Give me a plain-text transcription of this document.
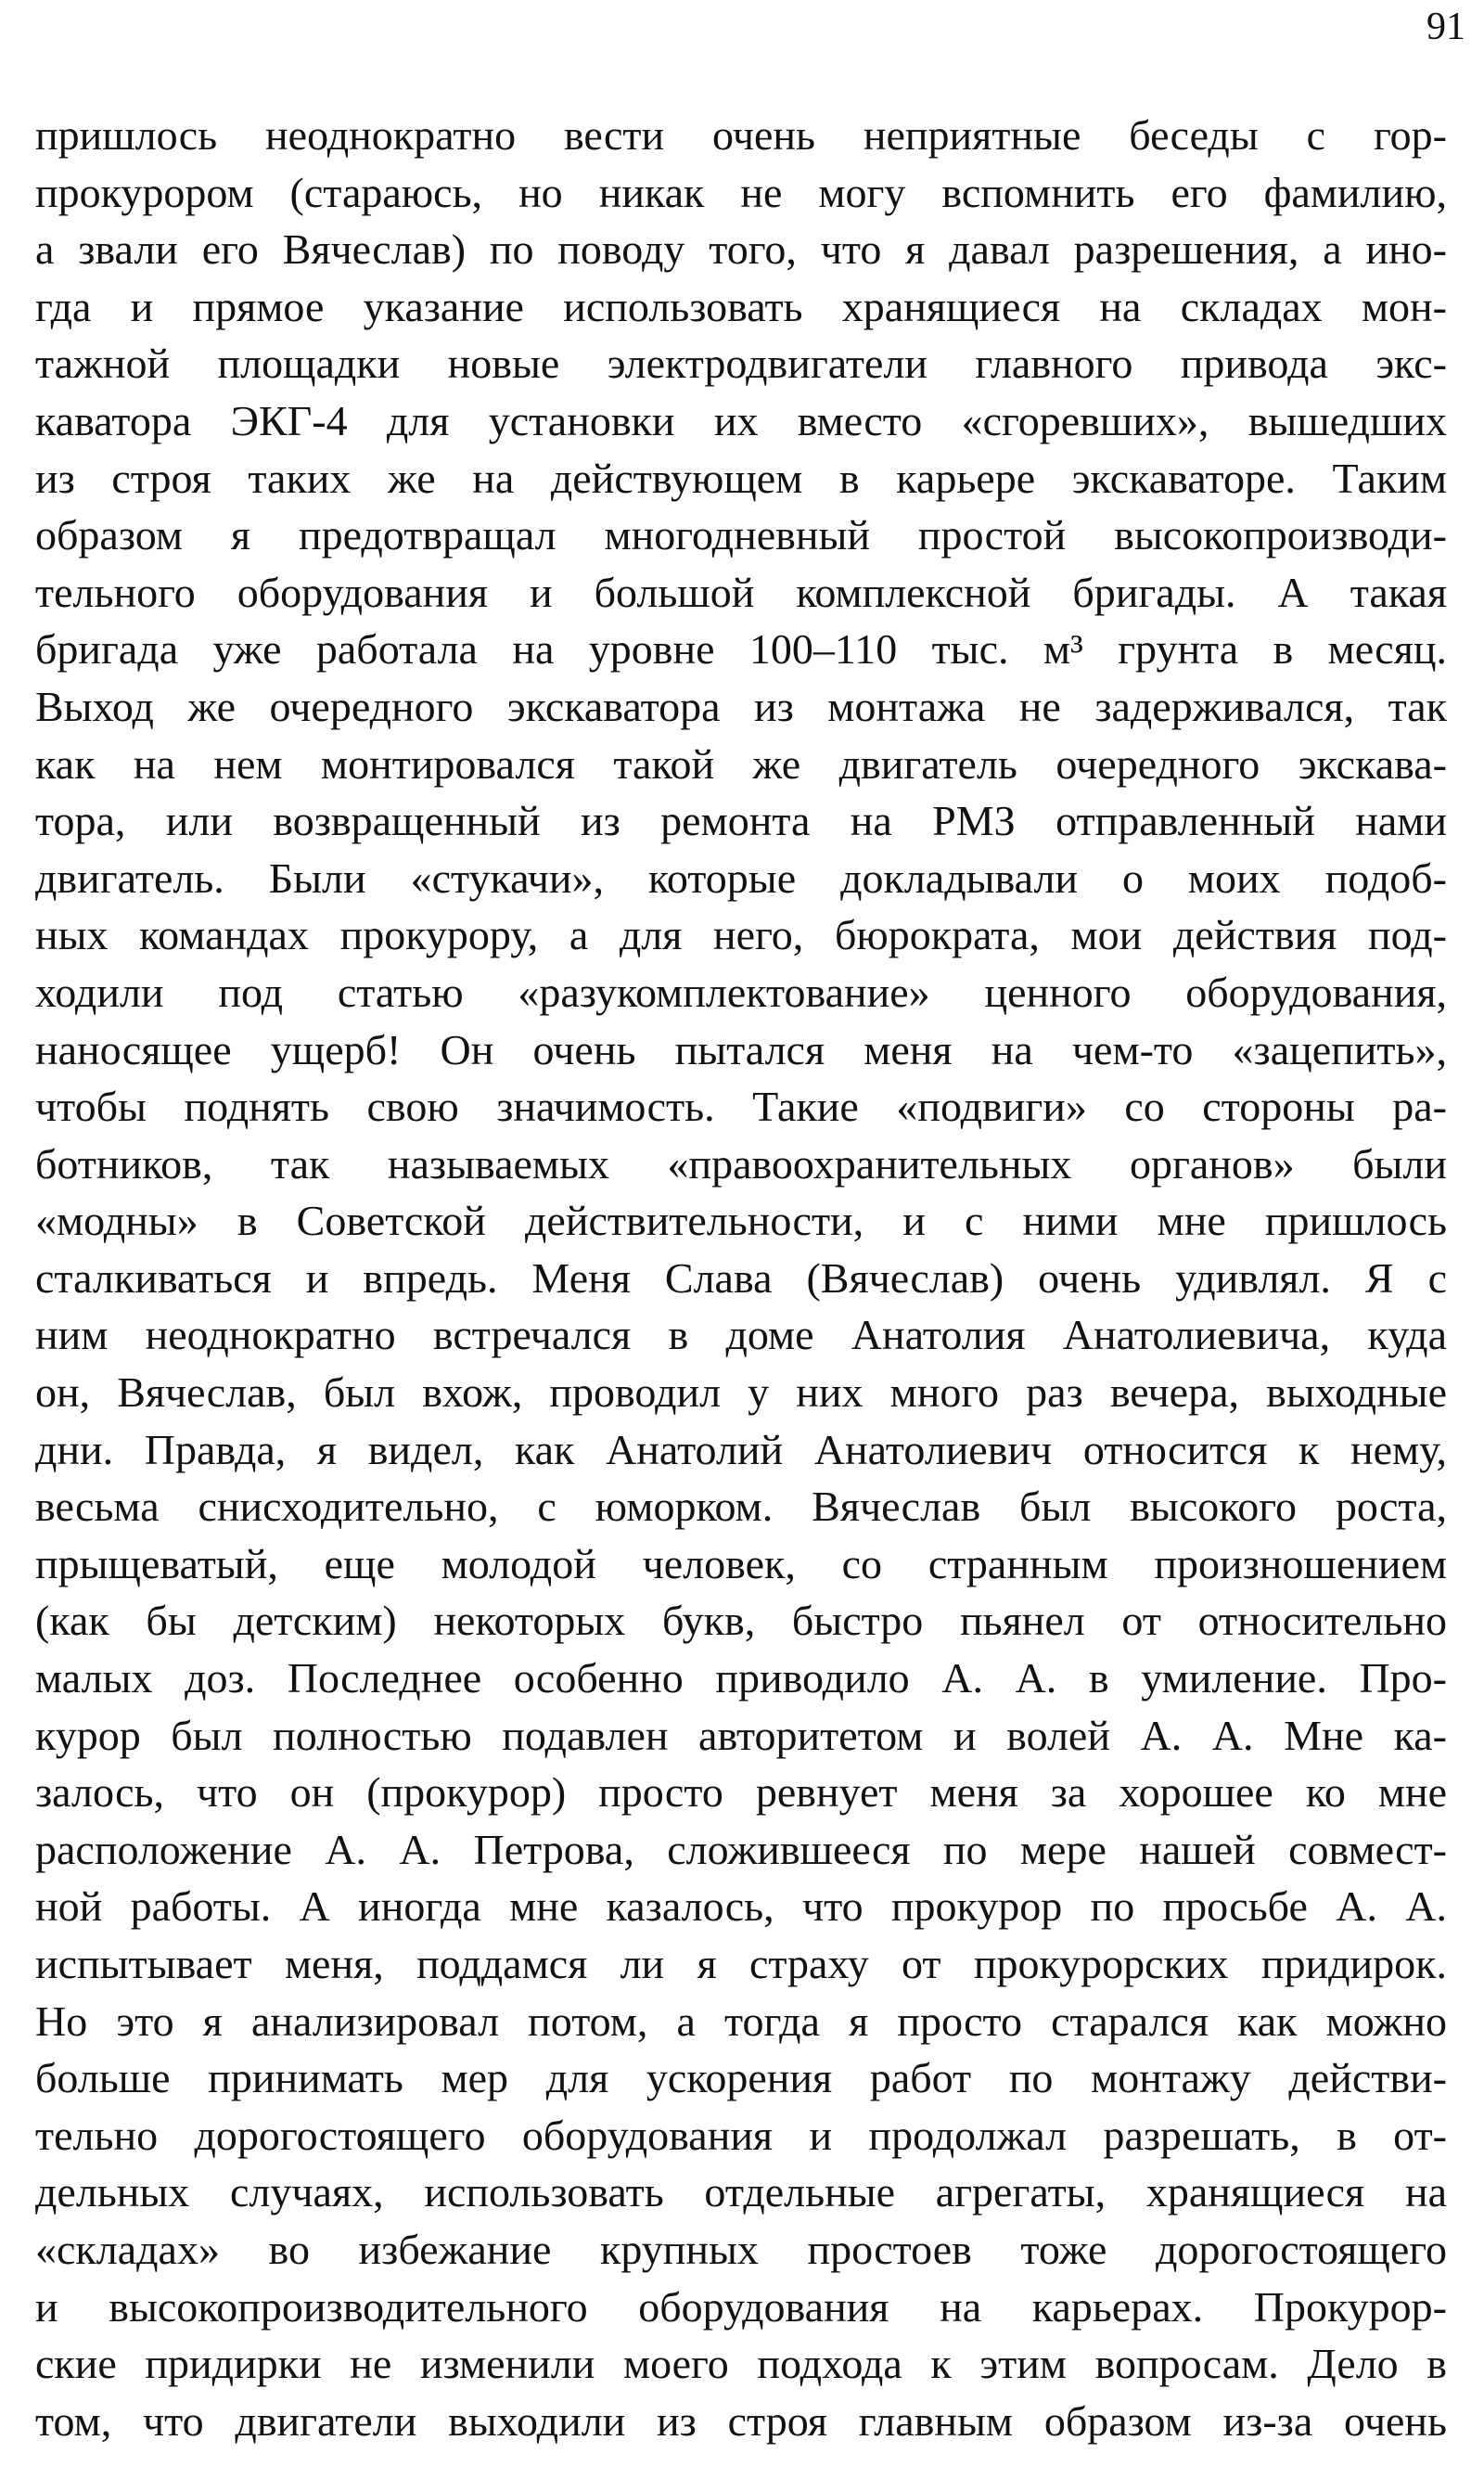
91
пришлось неоднократно вести очень неприятные беседы с гор-
прокурором (стараюсь, но никак не могу вспомнить его фамилию,
а звали его Вячеслав) по поводу того, что я давал разрешения, а ино-
гда и прямое указание использовать хранящиеся на складах мон-
тажной площадки новые электродвигатели главного привода экс-
каватора ЭКГ-4 для установки их вместо «сгоревших», вышедших
из строя таких же на действующем в карьере экскаваторе. Таким
образом я предотвращал многодневный простой высокопроизводи-
тельного оборудования и большой комплексной бригады. А такая
бригада уже работала на уровне 100–110 тыс. м³ грунта в месяц.
Выход же очередного экскаватора из монтажа не задерживался, так
как на нем монтировался такой же двигатель очередного экскава-
тора, или возвращенный из ремонта на РМЗ отправленный нами
двигатель. Были «стукачи», которые докладывали о моих подоб-
ных командах прокурору, а для него, бюрократа, мои действия под-
ходили под статью «разукомплектование» ценного оборудования,
наносящее ущерб! Он очень пытался меня на чем-то «зацепить»,
чтобы поднять свою значимость. Такие «подвиги» со стороны ра-
ботников, так называемых «правоохранительных органов» были
«модны» в Советской действительности, и с ними мне пришлось
сталкиваться и впредь. Меня Слава (Вячеслав) очень удивлял. Я с
ним неоднократно встречался в доме Анатолия Анатолиевича, куда
он, Вячеслав, был вхож, проводил у них много раз вечера, выходные
дни. Правда, я видел, как Анатолий Анатолиевич относится к нему,
весьма снисходительно, с юморком. Вячеслав был высокого роста,
прыщеватый, еще молодой человек, со странным произношением
(как бы детским) некоторых букв, быстро пьянел от относительно
малых доз. Последнее особенно приводило А. А. в умиление. Про-
курор был полностью подавлен авторитетом и волей А. А. Мне ка-
залось, что он (прокурор) просто ревнует меня за хорошее ко мне
расположение А. А. Петрова, сложившееся по мере нашей совмест-
ной работы. А иногда мне казалось, что прокурор по просьбе А. А.
испытывает меня, поддамся ли я страху от прокурорских придирок.
Но это я анализировал потом, а тогда я просто старался как можно
больше принимать мер для ускорения работ по монтажу действи-
тельно дорогостоящего оборудования и продолжал разрешать, в от-
дельных случаях, использовать отдельные агрегаты, хранящиеся на
«складах» во избежание крупных простоев тоже дорогостоящего
и высокопроизводительного оборудования на карьерах. Прокурор-
ские придирки не изменили моего подхода к этим вопросам. Дело в
том, что двигатели выходили из строя главным образом из-за очень
